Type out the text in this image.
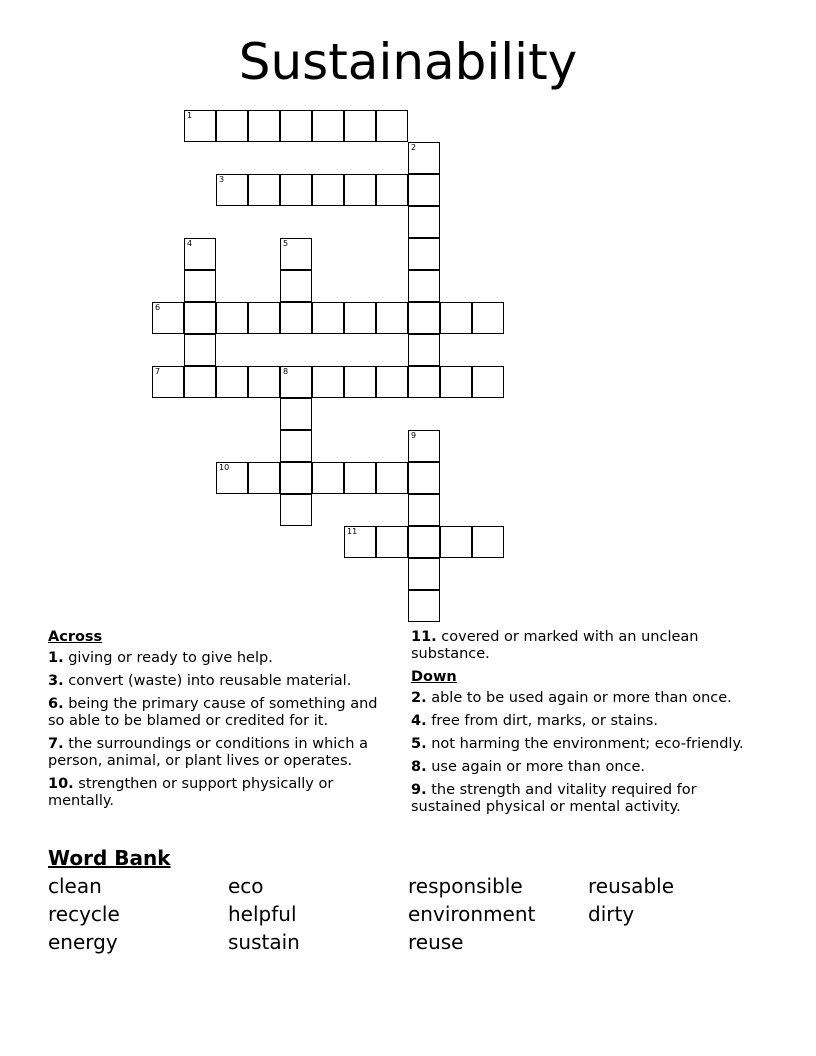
Sustainability
1
2
3
4	5
6
7	8
9
10
11
Across
1. giving or ready to give help.
3. convert (waste) into reusable material.
6. being the primary cause of something and so able to be blamed or credited for it.
7. the surroundings or conditions in which a person, animal, or plant lives or operates.
10. strengthen or support physically or mentally.
11. covered or marked with an unclean substance.
Down
2. able to be used again or more than once.
4. free from dirt, marks, or stains.
5. not harming the environment; eco-friendly.
8. use again or more than once.
9. the strength and vitality required for sustained physical or mental activity.
Word Bank
clean	eco	responsible	reusable
recycle	helpful	environment	dirty
energy	sustain	reuse
